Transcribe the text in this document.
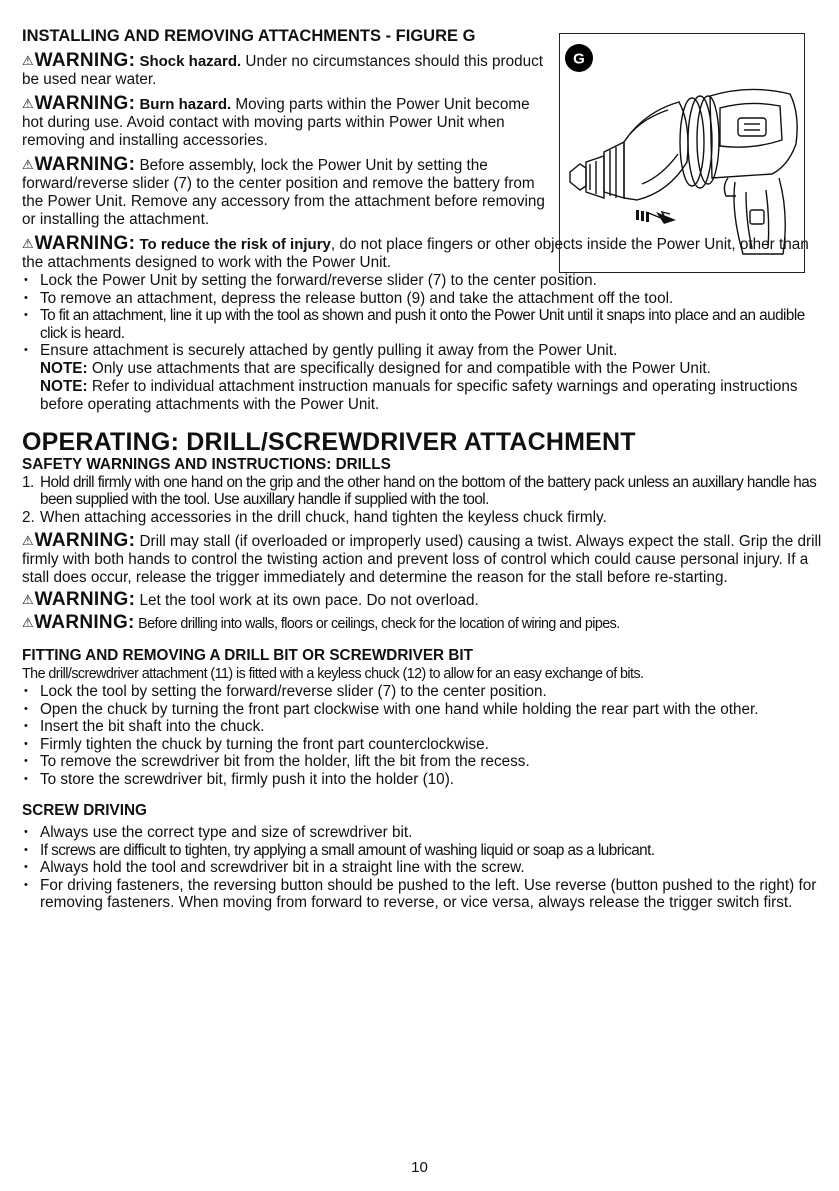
INSTALLING AND REMOVING ATTACHMENTS - FIGURE G

⚠WARNING: Shock hazard. Under no circumstances should this product be used near water.

⚠WARNING: Burn hazard. Moving parts within the Power Unit become hot during use. Avoid contact with moving parts within Power Unit when removing and installing accessories.

⚠WARNING: Before assembly, lock the Power Unit by setting the forward/reverse slider (7) to the center position and remove the battery from the Power Unit. Remove any accessory from the attachment before removing or installing the attachment.

⚠WARNING: To reduce the risk of injury, do not place fingers or other objects inside the Power Unit, other than the attachments designed to work with the Power Unit.

• Lock the Power Unit by setting the forward/reverse slider (7) to the center position.
• To remove an attachment, depress the release button (9) and take the attachment off the tool.
• To fit an attachment, line it up with the tool as shown and push it onto the Power Unit until it snaps into place and an audible click is heard.
• Ensure attachment is securely attached by gently pulling it away from the Power Unit.

NOTE: Only use attachments that are specifically designed for and compatible with the Power Unit.

NOTE: Refer to individual attachment instruction manuals for specific safety warnings and operating instructions before operating attachments with the Power Unit.

OPERATING: DRILL/SCREWDRIVER ATTACHMENT
SAFETY WARNINGS AND INSTRUCTIONS: DRILLS
1. Hold drill firmly with one hand on the grip and the other hand on the bottom of the battery pack unless an auxillary handle has been supplied with the tool. Use auxillary handle if supplied with the tool.
2. When attaching accessories in the drill chuck, hand tighten the keyless chuck firmly.

⚠WARNING: Drill may stall (if overloaded or improperly used) causing a twist. Always expect the stall. Grip the drill firmly with both hands to control the twisting action and prevent loss of control which could cause personal injury. If a stall does occur, release the trigger immediately and determine the reason for the stall before re-starting.

⚠WARNING: Let the tool work at its own pace. Do not overload.

⚠WARNING: Before drilling into walls, floors or ceilings, check for the location of wiring and pipes.

FITTING AND REMOVING A DRILL BIT OR SCREWDRIVER BIT

The drill/screwdriver attachment (11) is fitted with a keyless chuck (12) to allow for an easy exchange of bits.

• Lock the tool by setting the forward/reverse slider (7) to the center position.
• Open the chuck by turning the front part clockwise with one hand while holding the rear part with the other.
• Insert the bit shaft into the chuck.
• Firmly tighten the chuck by turning the front part counterclockwise.
• To remove the screwdriver bit from the holder, lift the bit from the recess.
• To store the screwdriver bit, firmly push it into the holder (10).
SCREW DRIVING
• Always use the correct type and size of screwdriver bit.
• If screws are difficult to tighten, try applying a small amount of washing liquid or soap as a lubricant.
• Always hold the tool and screwdriver bit in a straight line with the screw.
• For driving fasteners, the reversing button should be pushed to the left. Use reverse (button pushed to the right) for removing fasteners. When moving from forward to reverse, or vice versa, always release the trigger switch first.
G
10
